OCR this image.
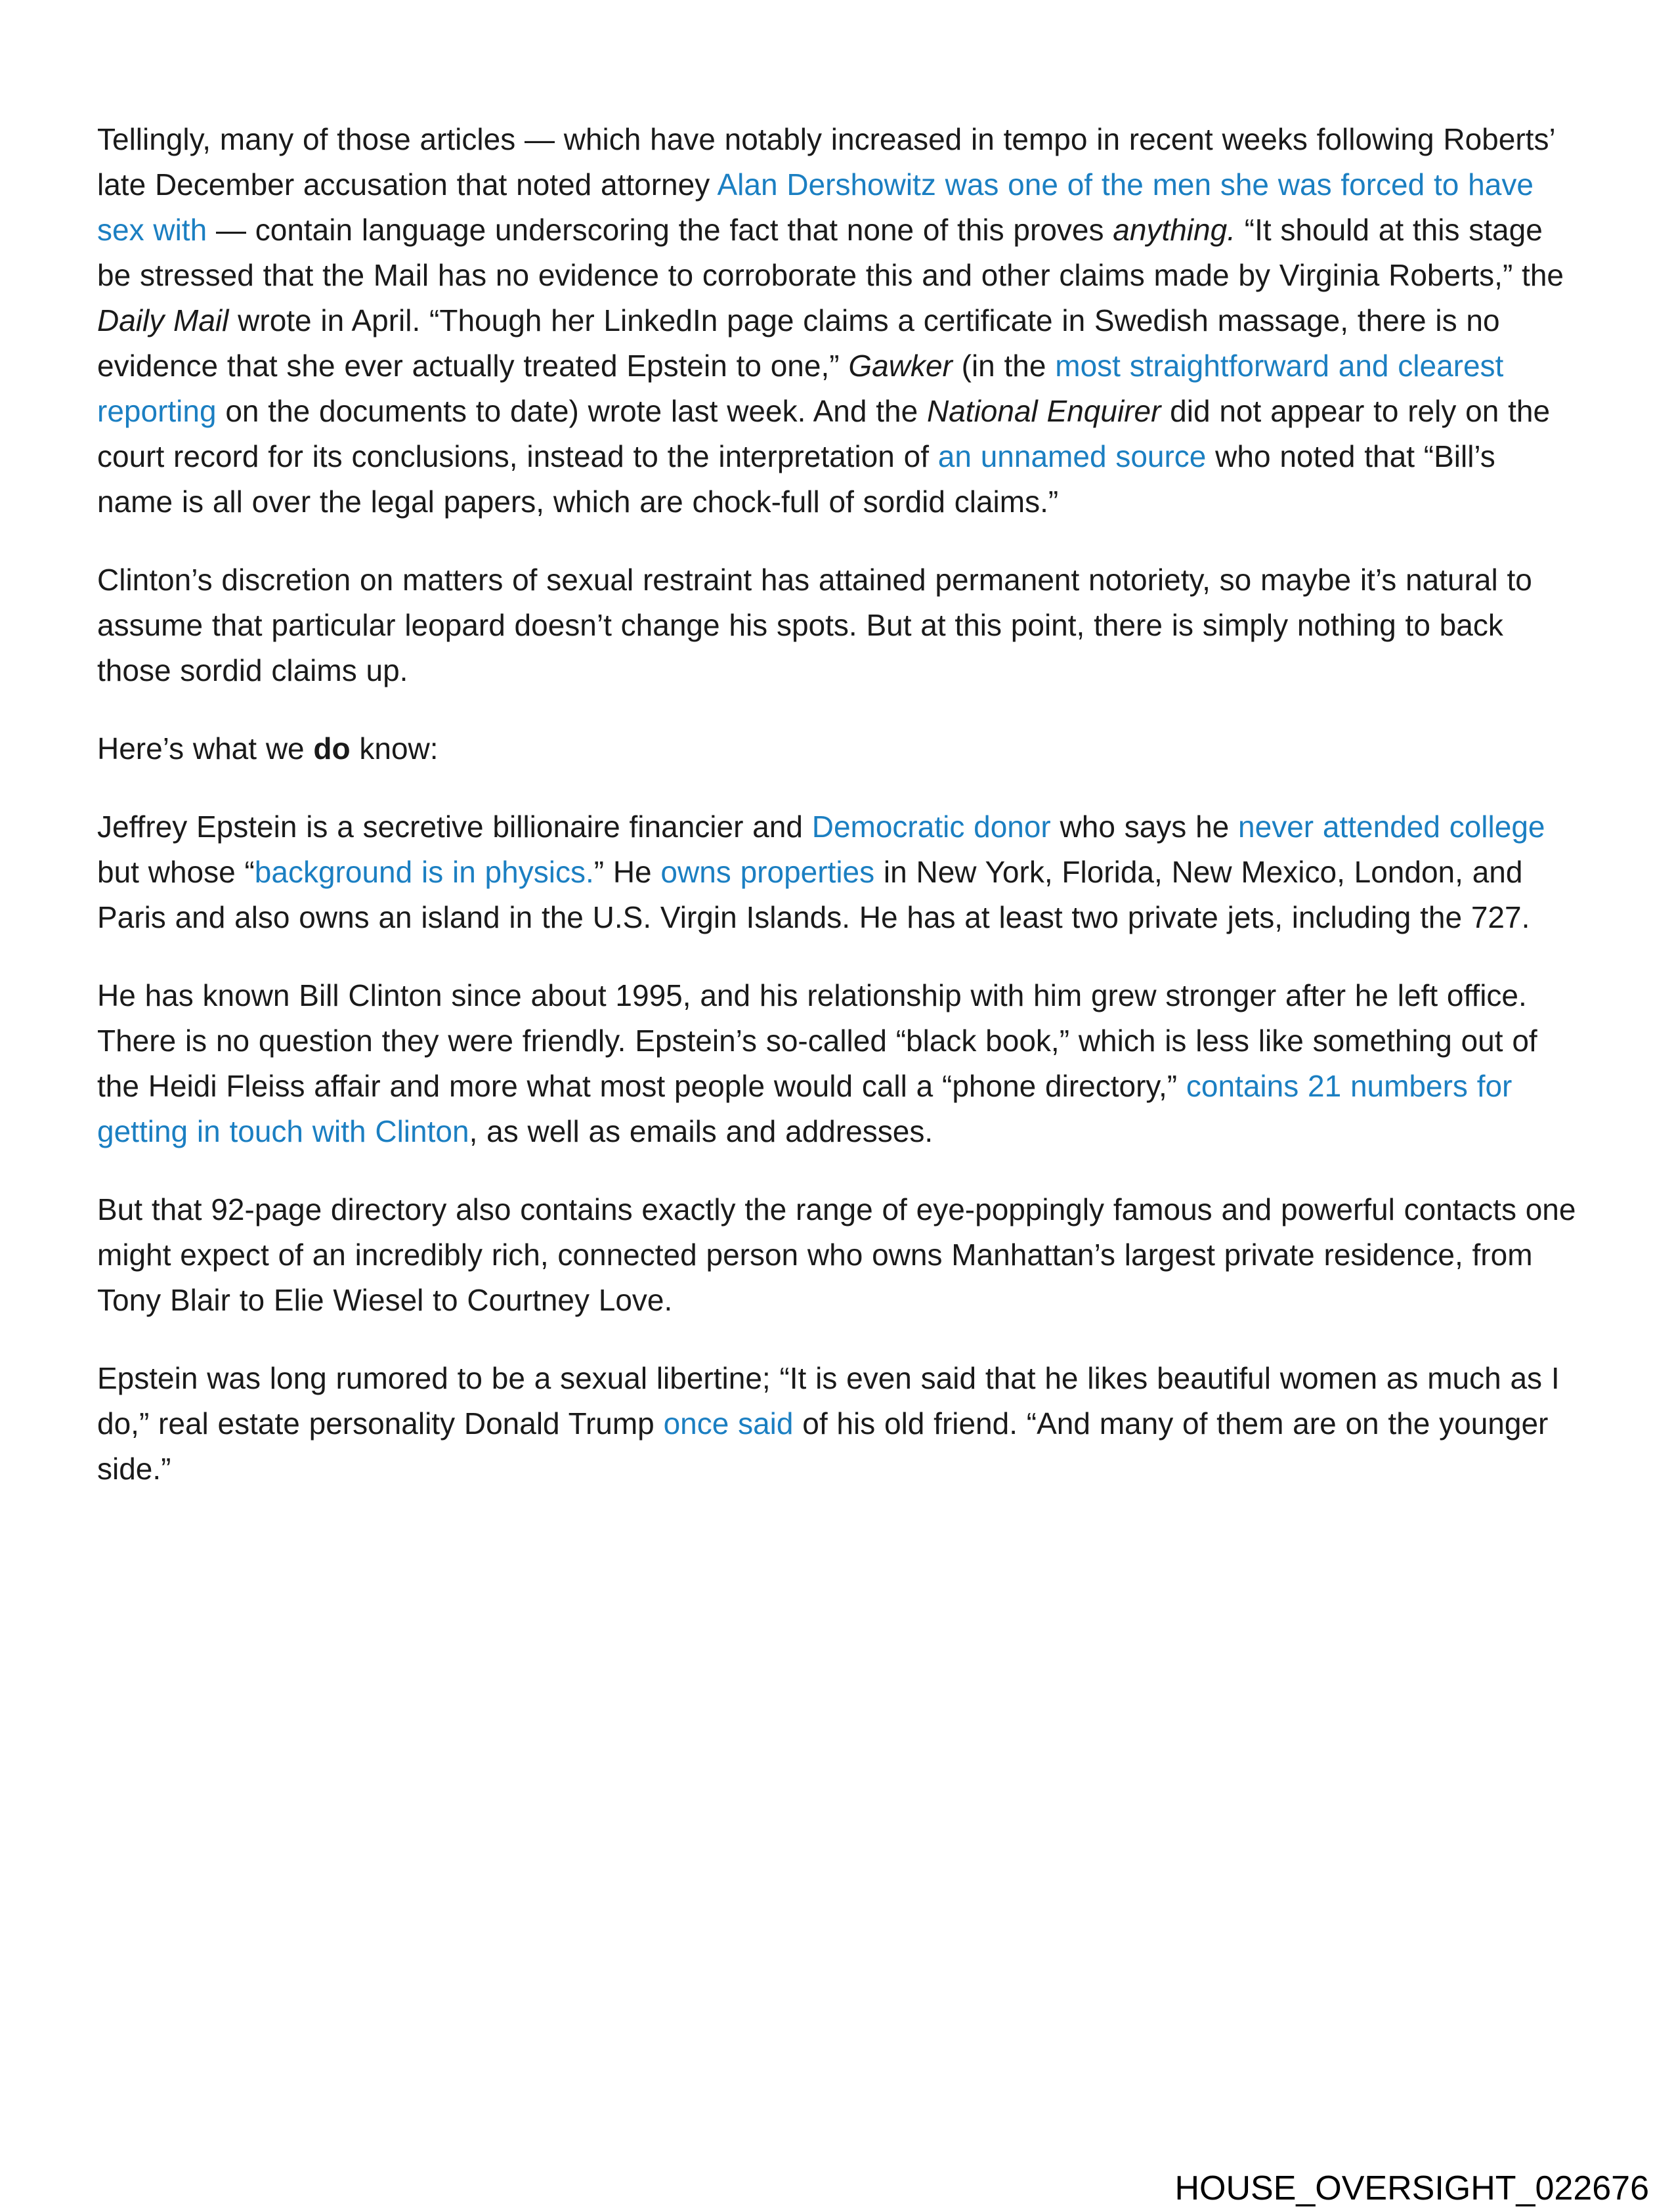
Tellingly, many of those articles — which have notably increased in tempo in recent weeks following Roberts’ late December accusation that noted attorney Alan Dershowitz was one of the men she was forced to have sex with — contain language underscoring the fact that none of this proves anything. “It should at this stage be stressed that the Mail has no evidence to corroborate this and other claims made by Virginia Roberts,” the Daily Mail wrote in April. “Though her LinkedIn page claims a certificate in Swedish massage, there is no evidence that she ever actually treated Epstein to one,” Gawker (in the most straightforward and clearest reporting on the documents to date) wrote last week. And the National Enquirer did not appear to rely on the court record for its conclusions, instead to the interpretation of an unnamed source who noted that “Bill’s name is all over the legal papers, which are chock-full of sordid claims.”

Clinton’s discretion on matters of sexual restraint has attained permanent notoriety, so maybe it’s natural to assume that particular leopard doesn’t change his spots. But at this point, there is simply nothing to back those sordid claims up.

Here’s what we do know:

Jeffrey Epstein is a secretive billionaire financier and Democratic donor who says he never attended college but whose “background is in physics.” He owns properties in New York, Florida, New Mexico, London, and Paris and also owns an island in the U.S. Virgin Islands. He has at least two private jets, including the 727.

He has known Bill Clinton since about 1995, and his relationship with him grew stronger after he left office. There is no question they were friendly. Epstein’s so-called “black book,” which is less like something out of the Heidi Fleiss affair and more what most people would call a “phone directory,” contains 21 numbers for getting in touch with Clinton, as well as emails and addresses.

But that 92-page directory also contains exactly the range of eye-poppingly famous and powerful contacts one might expect of an incredibly rich, connected person who owns Manhattan’s largest private residence, from Tony Blair to Elie Wiesel to Courtney Love.

Epstein was long rumored to be a sexual libertine; “It is even said that he likes beautiful women as much as I do,” real estate personality Donald Trump once said of his old friend. “And many of them are on the younger side.”

HOUSE_OVERSIGHT_022676
